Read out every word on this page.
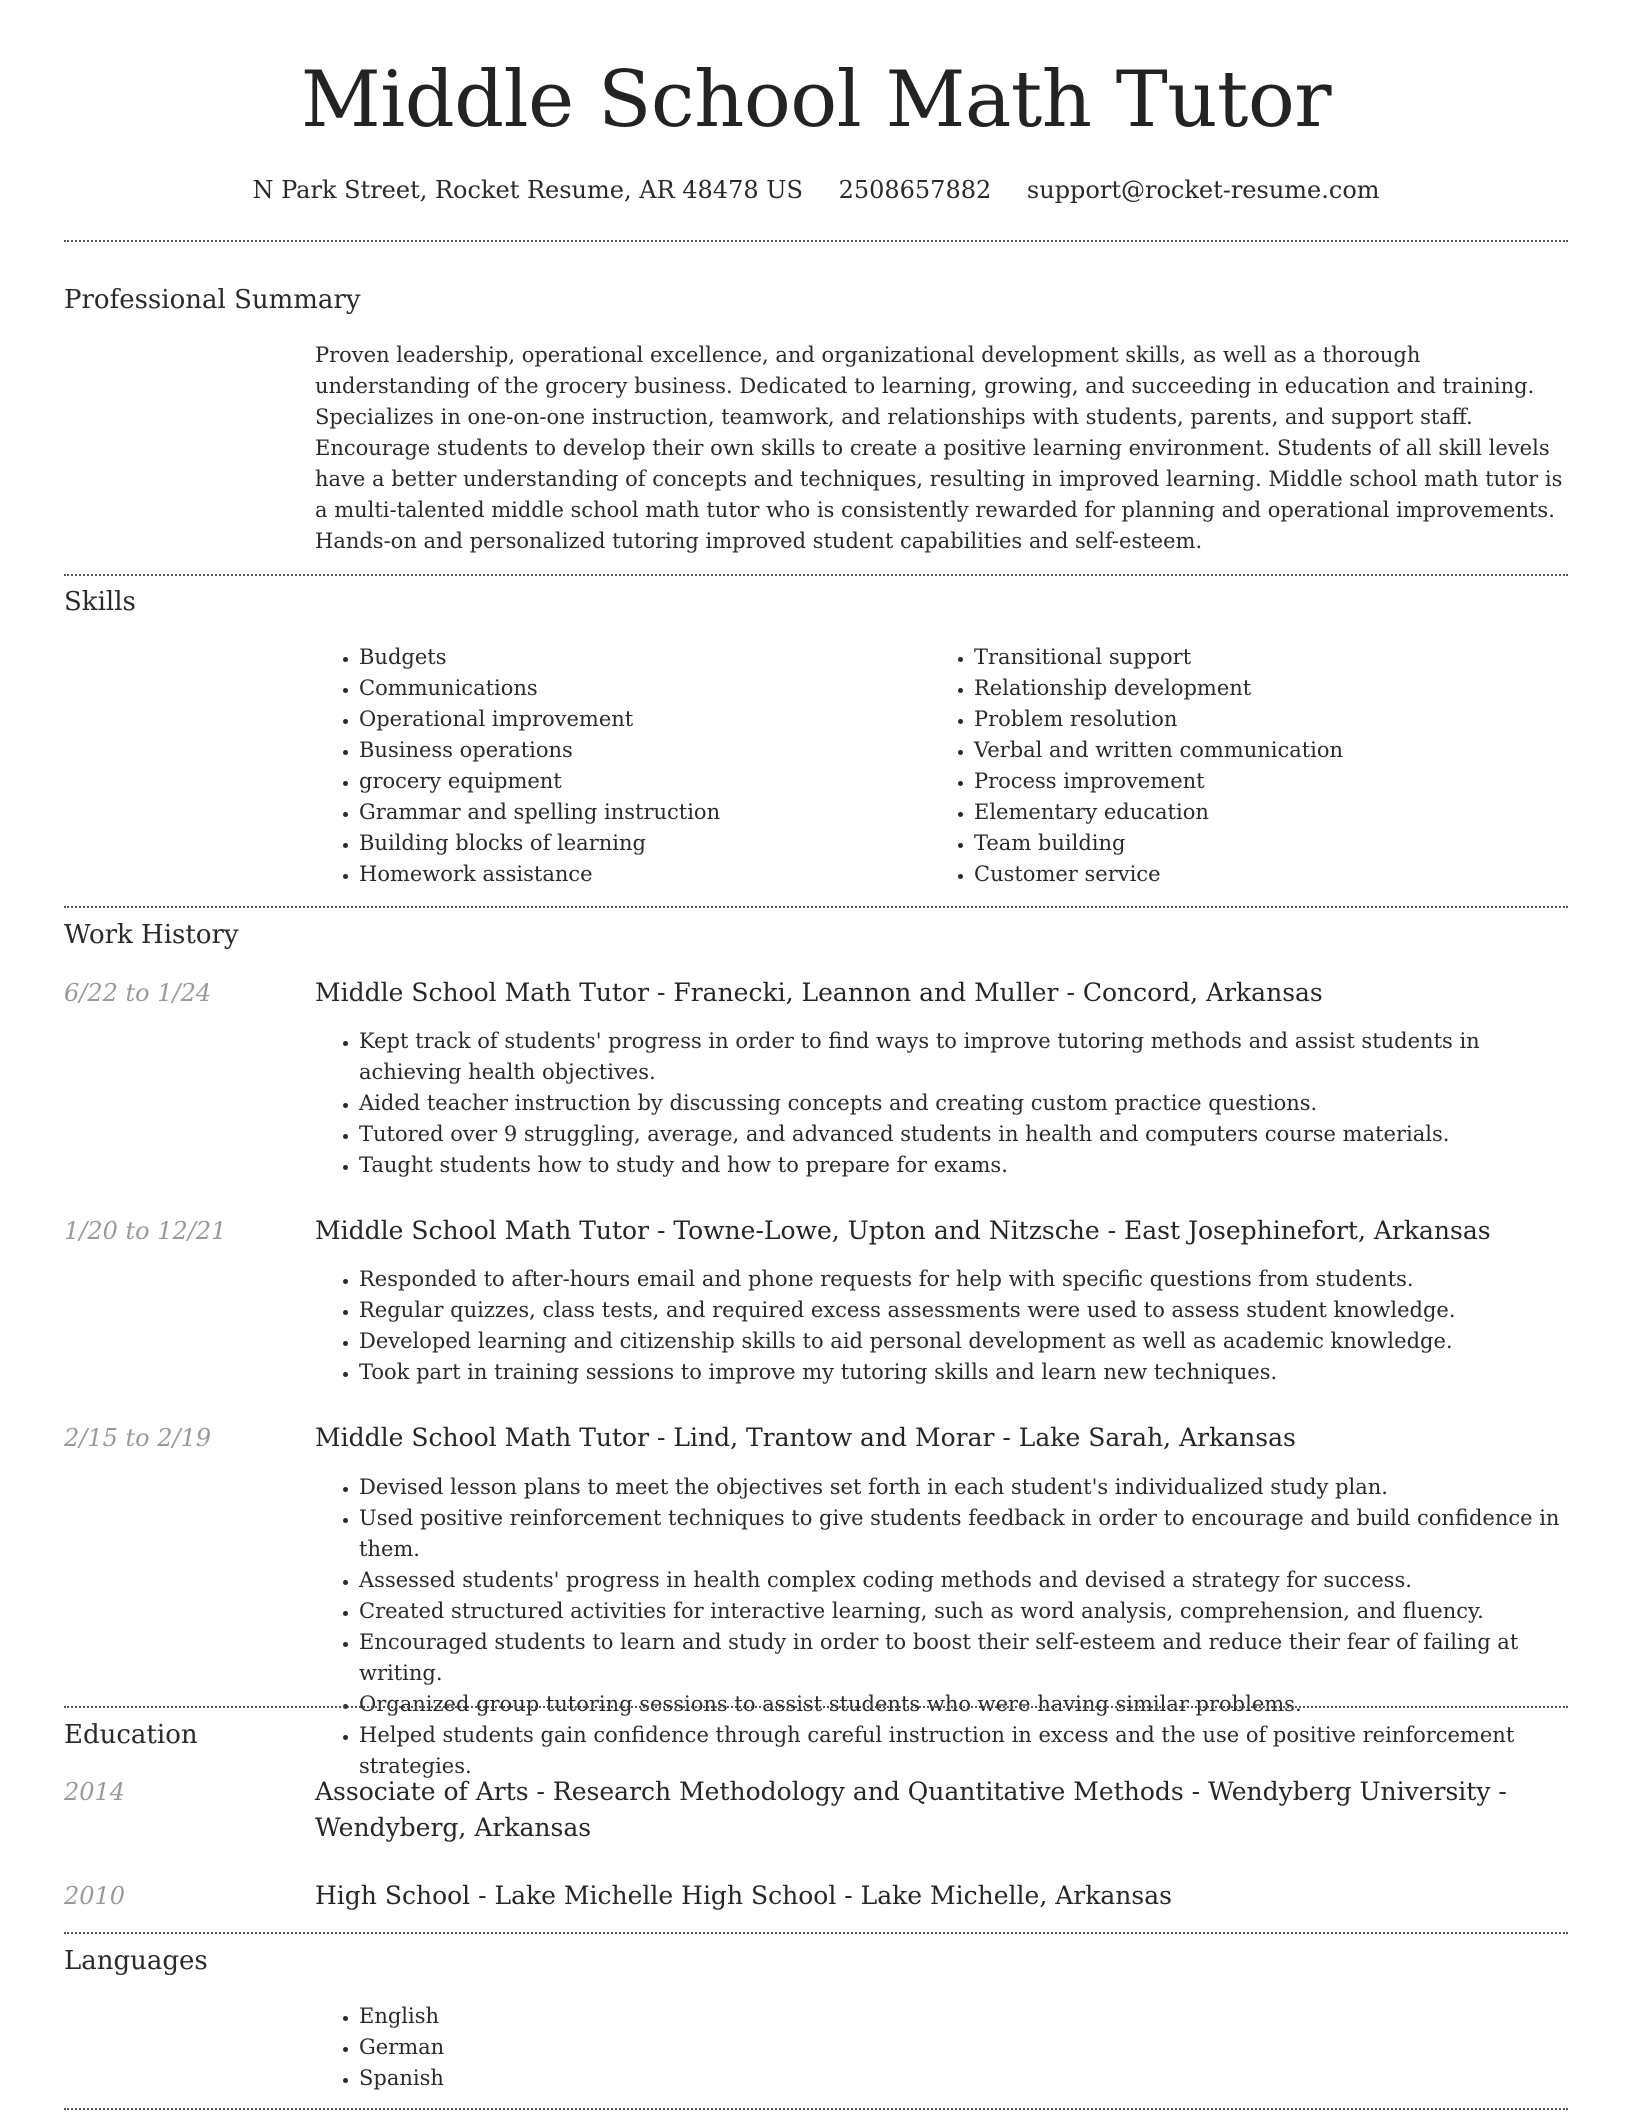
Middle School Math Tutor
N Park Street, Rocket Resume, AR 48478 US 2508657882 support@rocket-resume.com
Professional Summary
Proven leadership, operational excellence, and organizational development skills, as well as a thorough understanding of the grocery business. Dedicated to learning, growing, and succeeding in education and training. Specializes in one-on-one instruction, teamwork, and relationships with students, parents, and support staff. Encourage students to develop their own skills to create a positive learning environment. Students of all skill levels have a better understanding of concepts and techniques, resulting in improved learning. Middle school math tutor is a multi-talented middle school math tutor who is consistently rewarded for planning and operational improvements. Hands-on and personalized tutoring improved student capabilities and self-esteem.
Skills
• Budgets
• Communications
• Operational improvement
• Business operations
• grocery equipment
• Grammar and spelling instruction
• Building blocks of learning
• Homework assistance
• Transitional support
• Relationship development
• Problem resolution
• Verbal and written communication
• Process improvement
• Elementary education
• Team building
• Customer service
Work History
6/22 to 1/24	Middle School Math Tutor - Franecki, Leannon and Muller - Concord, Arkansas
• Kept track of students' progress in order to find ways to improve tutoring methods and assist students in achieving health objectives.
• Aided teacher instruction by discussing concepts and creating custom practice questions.
• Tutored over 9 struggling, average, and advanced students in health and computers course materials.
• Taught students how to study and how to prepare for exams.
1/20 to 12/21	Middle School Math Tutor - Towne-Lowe, Upton and Nitzsche - East Josephinefort, Arkansas
• Responded to after-hours email and phone requests for help with specific questions from students.
• Regular quizzes, class tests, and required excess assessments were used to assess student knowledge.
• Developed learning and citizenship skills to aid personal development as well as academic knowledge.
• Took part in training sessions to improve my tutoring skills and learn new techniques.
2/15 to 2/19	Middle School Math Tutor - Lind, Trantow and Morar - Lake Sarah, Arkansas
• Devised lesson plans to meet the objectives set forth in each student's individualized study plan.
• Used positive reinforcement techniques to give students feedback in order to encourage and build confidence in them.
• Assessed students' progress in health complex coding methods and devised a strategy for success.
• Created structured activities for interactive learning, such as word analysis, comprehension, and fluency.
• Encouraged students to learn and study in order to boost their self-esteem and reduce their fear of failing at writing.
• Organized group tutoring sessions to assist students who were having similar problems.
• Helped students gain confidence through careful instruction in excess and the use of positive reinforcement strategies.
Education
2014	Associate of Arts - Research Methodology and Quantitative Methods - Wendyberg University - Wendyberg, Arkansas
2010	High School - Lake Michelle High School - Lake Michelle, Arkansas
Languages
• English
• German
• Spanish
